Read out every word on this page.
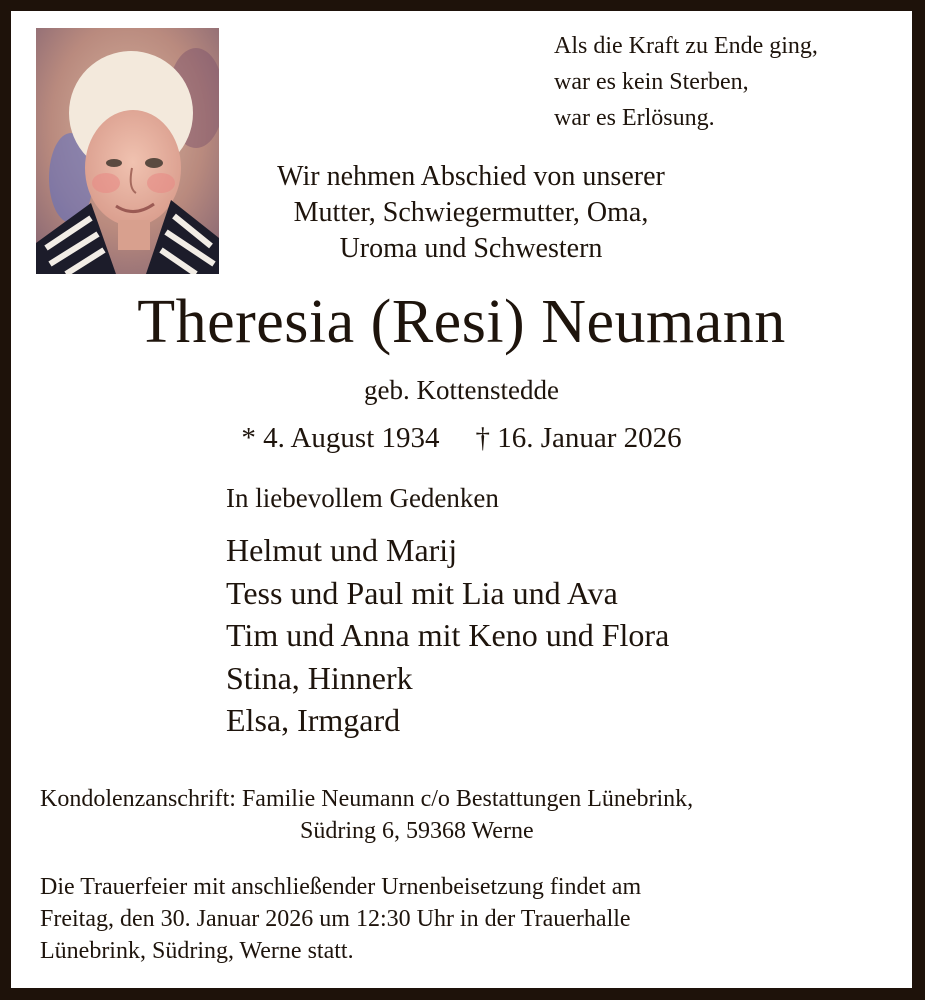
Als die Kraft zu Ende ging,
war es kein Sterben,
war es Erlösung.
Wir nehmen Abschied von unserer
Mutter, Schwiegermutter, Oma,
Uroma und Schwestern
Theresia (Resi) Neumann
geb. Kottenstedde
* 4. August 1934 † 16. Januar 2026
In liebevollem Gedenken
Helmut und Marij
Tess und Paul mit Lia und Ava
Tim und Anna mit Keno und Flora
Stina, Hinnerk
Elsa, Irmgard
Kondolenzanschrift: Familie Neumann c/o Bestattungen Lünebrink,
Südring 6, 59368 Werne
Die Trauerfeier mit anschließender Urnenbeisetzung findet am
Freitag, den 30. Januar 2026 um 12:30 Uhr in der Trauerhalle
Lünebrink, Südring, Werne statt.
